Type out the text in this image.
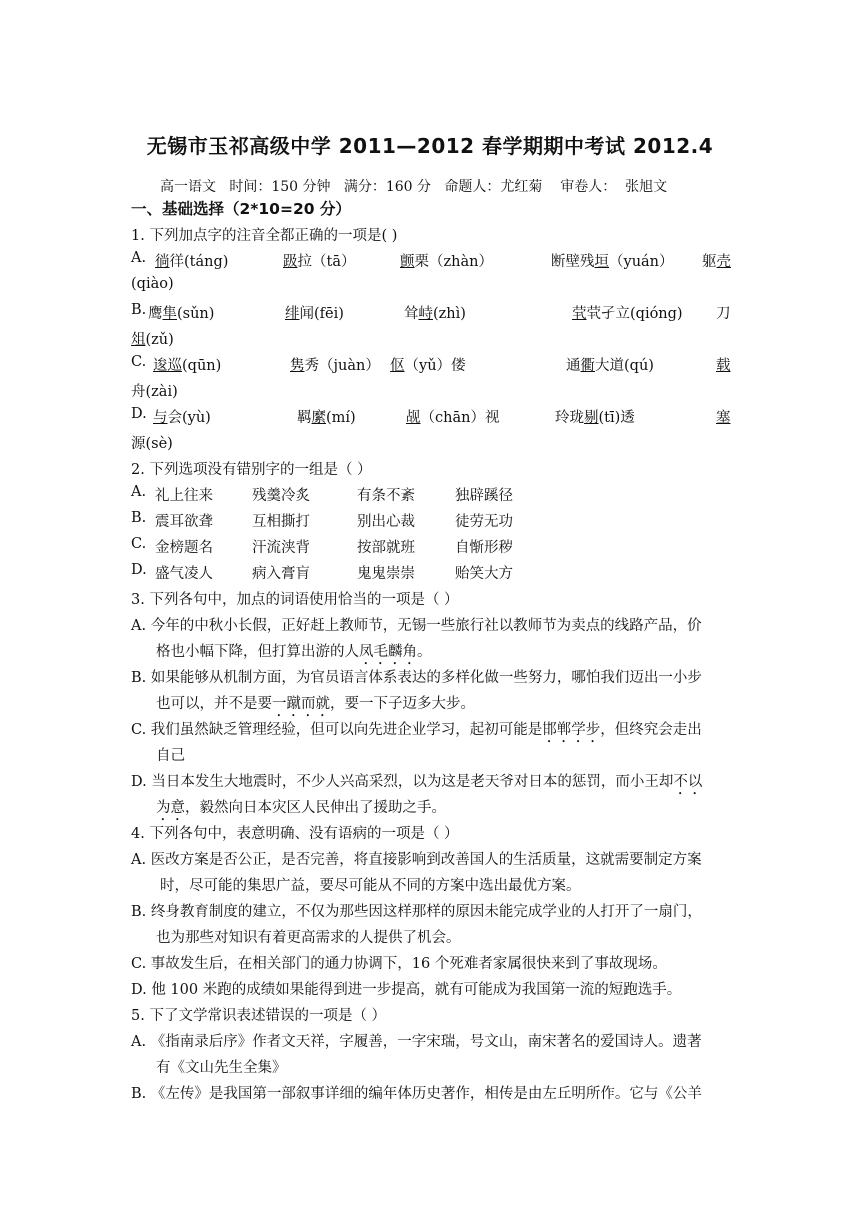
无锡市玉祁高级中学 2011—2012 春学期期中考试 2012.4
高一语文   时间：150 分钟   满分：160 分   命题人：尤红菊    审卷人：  张旭文
一、基础选择（2*10=20 分）
1. 下列加点字的注音全都正确的一项是( )
A. 徜徉(táng)	趿拉（tā）	颤栗（zhàn）	断壁残垣（yuán） 躯壳
(qiào)
B. 鹰隼(sǔn)	绯闻(fēi)	耸峙(zhì)	茕茕孑立(qióng) 刀
俎(zǔ)
C. 逡巡(qūn)	隽秀（juàn） 伛（yǔ）偻	通衢大道(qú)	载
舟(zài)
D. 与会(yù)	羁縻(mí)	觇（chān）视	玲珑剔(tī)透	塞
源(sè)
2. 下列选项没有错别字的一组是（ ）
A. 礼上往来	残羹冷炙	有条不紊	独辟蹊径
B. 震耳欲聋	互相撕打	别出心裁	徒劳无功
C. 金榜题名	汗流浃背	按部就班	自惭形秽
D. 盛气凌人	病入膏肓	鬼鬼崇崇	贻笑大方
3. 下列各句中，加点的词语使用恰当的一项是（ ）
A. 今年的中秋小长假，正好赶上教师节，无锡一些旅行社以教师节为卖点的线路产品，价
格也小幅下降，但打算出游的人凤毛麟角。
B. 如果能够从机制方面，为官员语言体系表达的多样化做一些努力，哪怕我们迈出一小步
也可以，并不是要一蹴而就，要一下子迈多大步。
C. 我们虽然缺乏管理经验，但可以向先进企业学习，起初可能是邯郸学步，但终究会走出
自己
D. 当日本发生大地震时，不少人兴高采烈，以为这是老天爷对日本的惩罚，而小王却不以
为意，毅然向日本灾区人民伸出了援助之手。
4. 下列各句中，表意明确、没有语病的一项是（ ）
A. 医改方案是否公正，是否完善，将直接影响到改善国人的生活质量，这就需要制定方案
时，尽可能的集思广益，要尽可能从不同的方案中选出最优方案。
B. 终身教育制度的建立，不仅为那些因这样那样的原因未能完成学业的人打开了一扇门，
也为那些对知识有着更高需求的人提供了机会。
C. 事故发生后，在相关部门的通力协调下，16 个死难者家属很快来到了事故现场。
D. 他 100 米跑的成绩如果能得到进一步提高，就有可能成为我国第一流的短跑选手。
5. 下了文学常识表述错误的一项是（ ）
A. 《指南录后序》作者文天祥，字履善，一字宋瑞，号文山，南宋著名的爱国诗人。遗著
有《文山先生全集》
B. 《左传》是我国第一部叙事详细的编年体历史著作，相传是由左丘明所作。它与《公羊
